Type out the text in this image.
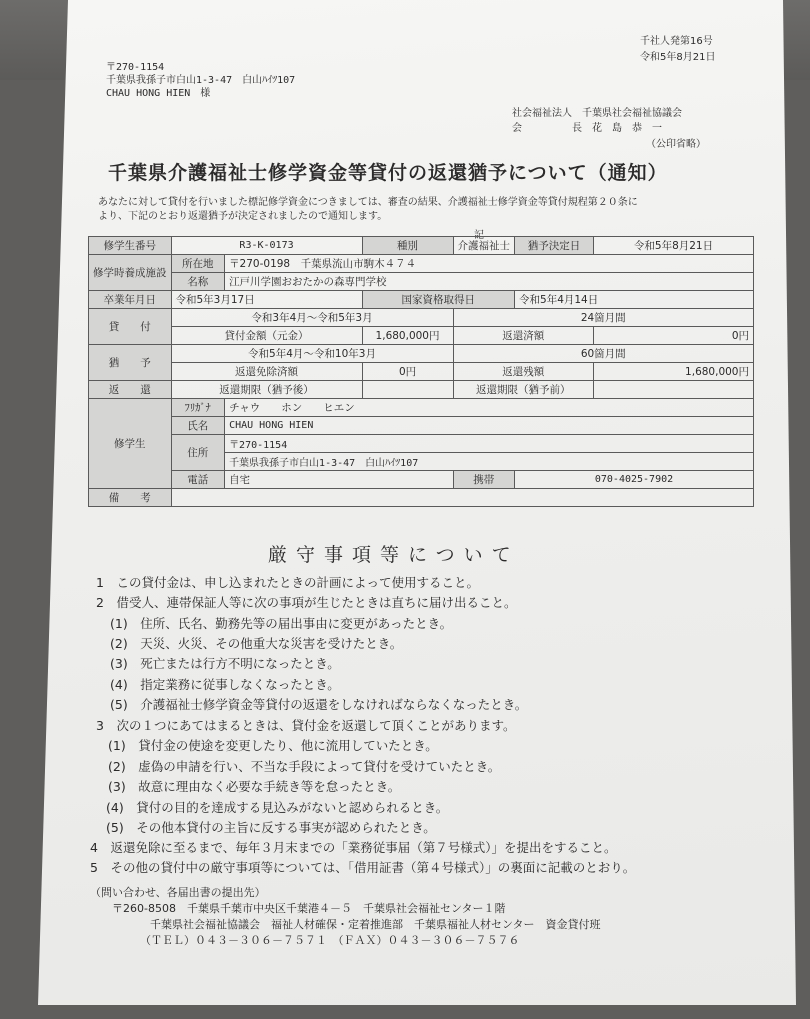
千社人発第16号
令和5年8月21日
〒270-1154
千葉県我孫子市白山1-3-47　白山ﾊｲﾂ107
CHAU HONG HIEN　様
社会福祉法人　千葉県社会福祉協議会
会　　　　　長　花　島　恭　一
（公印省略）
千葉県介護福祉士修学資金等貸付の返還猶予について（通知）
あなたに対して貸付を行いました標記修学資金につきましては、審査の結果、介護福祉士修学資金等貸付規程第２０条に
より、下記のとおり返還猶予が決定されましたので通知します。
記
修学生番号	R3-K-0173		種別	介護福祉士	猶予決定日	令和5年8月21日
修学時養成施設	所在地	〒270-0198　千葉県流山市駒木４７４				
	名称	江戸川学園おおたかの森専門学校				
卒業年月日	令和5年3月17日		国家資格取得日		令和5年4月14日	
貸　　付	令和3年4月～令和5年3月			24箇月間		
	貸付金額（元金）		1,680,000円	返還済額		0円
猶　　予	令和5年4月～令和10年3月			60箇月間		
	返還免除済額		0円	返還残額		1,680,000円
返　　還	返還期限（猶予後）			返還期限（猶予前）		
修学生	ﾌﾘｶﾞﾅ	チャウ　　ホン　　ヒエン				
	氏名	CHAU HONG HIEN				
	住所	〒270-1154				
		千葉県我孫子市白山1-3-47　白山ﾊｲﾂ107				
	電話	自宅		携帯	070-4025-7902	
備　　考						
厳守事項等について
1　この貸付金は、申し込まれたときの計画によって使用すること。
2　借受人、連帯保証人等に次の事項が生じたときは直ちに届け出ること。
(1)　住所、氏名、勤務先等の届出事由に変更があったとき。
(2)　天災、火災、その他重大な災害を受けたとき。
(3)　死亡または行方不明になったとき。
(4)　指定業務に従事しなくなったとき。
(5)　介護福祉士修学資金等貸付の返還をしなければならなくなったとき。
3　次の１つにあてはまるときは、貸付金を返還して頂くことがあります。
(1)　貸付金の使途を変更したり、他に流用していたとき。
(2)　虚偽の申請を行い、不当な手段によって貸付を受けていたとき。
(3)　故意に理由なく必要な手続き等を怠ったとき。
(4)　貸付の目的を達成する見込みがないと認められるとき。
(5)　その他本貸付の主旨に反する事実が認められたとき。
4　返還免除に至るまで、毎年３月末までの「業務従事届（第７号様式）」を提出をすること。
5　その他の貸付中の厳守事項等については、「借用証書（第４号様式）」の裏面に記載のとおり。
（問い合わせ、各届出書の提出先）
〒260-8508　千葉県千葉市中央区千葉港４－５　千葉県社会福祉センター１階
千葉県社会福祉協議会　福祉人材確保・定着推進部　千葉県福祉人材センター　資金貸付班
（ＴＥＬ）０４３－３０６－７５７１　（ＦＡＸ）０４３－３０６－７５７６
